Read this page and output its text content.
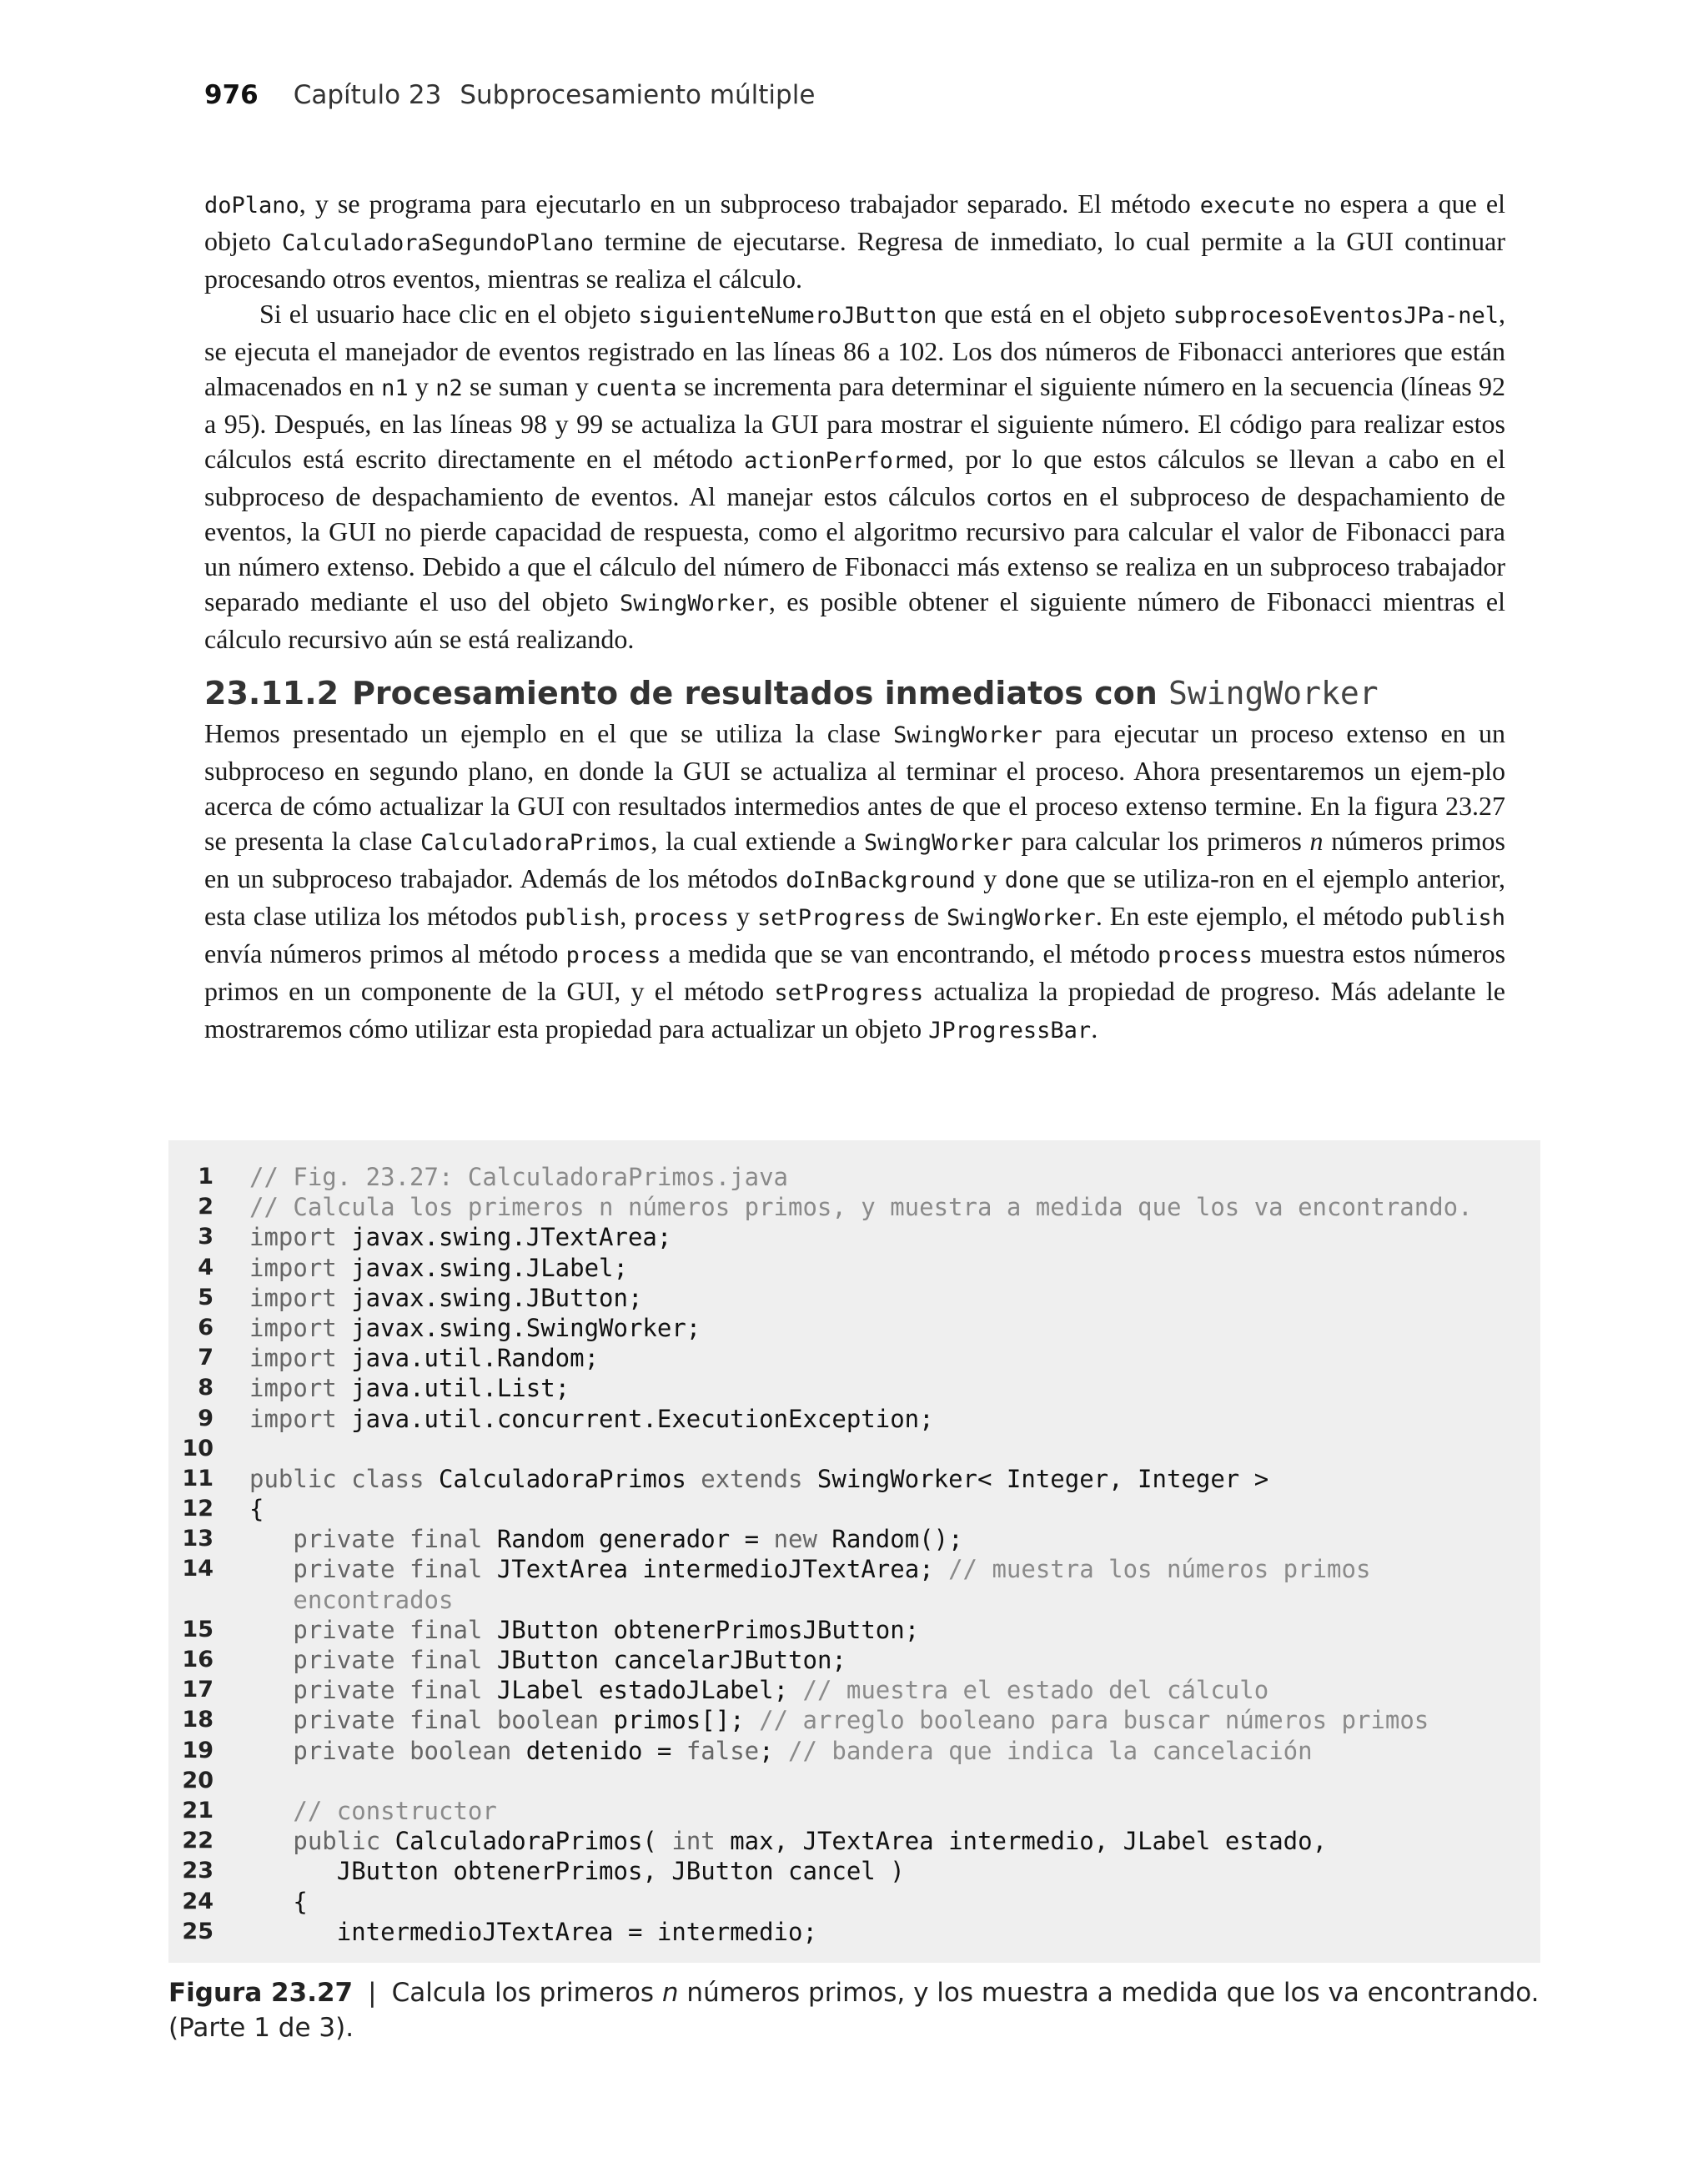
976 Capítulo 23 Subprocesamiento múltiple

doPlano, y se programa para ejecutarlo en un subproceso trabajador separado. El método execute no espera a que el objeto CalculadoraSegundoPlano termine de ejecutarse. Regresa de inmediato, lo cual permite a la GUI continuar procesando otros eventos, mientras se realiza el cálculo.

Si el usuario hace clic en el objeto siguienteNumeroJButton que está en el objeto subprocesoEventosJPa-nel, se ejecuta el manejador de eventos registrado en las líneas 86 a 102. Los dos números de Fibonacci anteriores que están almacenados en n1 y n2 se suman y cuenta se incrementa para determinar el siguiente número en la secuencia (líneas 92 a 95). Después, en las líneas 98 y 99 se actualiza la GUI para mostrar el siguiente número. El código para realizar estos cálculos está escrito directamente en el método actionPerformed, por lo que estos cálculos se llevan a cabo en el subproceso de despachamiento de eventos. Al manejar estos cálculos cortos en el subproceso de despachamiento de eventos, la GUI no pierde capacidad de respuesta, como el algoritmo recursivo para calcular el valor de Fibonacci para un número extenso. Debido a que el cálculo del número de Fibonacci más extenso se realiza en un subproceso trabajador separado mediante el uso del objeto SwingWorker, es posible obtener el siguiente número de Fibonacci mientras el cálculo recursivo aún se está realizando.

23.11.2 Procesamiento de resultados inmediatos con SwingWorker

Hemos presentado un ejemplo en el que se utiliza la clase SwingWorker para ejecutar un proceso extenso en un subproceso en segundo plano, en donde la GUI se actualiza al terminar el proceso. Ahora presentaremos un ejem-plo acerca de cómo actualizar la GUI con resultados intermedios antes de que el proceso extenso termine. En la figura 23.27 se presenta la clase CalculadoraPrimos, la cual extiende a SwingWorker para calcular los primeros n números primos en un subproceso trabajador. Además de los métodos doInBackground y done que se utiliza-ron en el ejemplo anterior, esta clase utiliza los métodos publish, process y setProgress de SwingWorker. En este ejemplo, el método publish envía números primos al método process a medida que se van encontrando, el método process muestra estos números primos en un componente de la GUI, y el método setProgress actualiza la propiedad de progreso. Más adelante le mostraremos cómo utilizar esta propiedad para actualizar un objeto JProgressBar.

1 // Fig. 23.27: CalculadoraPrimos.java
2 // Calcula los primeros n números primos, y muestra a medida que los va encontrando.
3 import javax.swing.JTextArea;
4 import javax.swing.JLabel;
5 import javax.swing.JButton;
6 import javax.swing.SwingWorker;
7 import java.util.Random;
8 import java.util.List;
9 import java.util.concurrent.ExecutionException;
10
11 public class CalculadoraPrimos extends SwingWorker< Integer, Integer >
12 {
13	private final Random generador = new Random();
14	private final JTextArea intermedioJTextArea; // muestra los números primos
encontrados
15	private final JButton obtenerPrimosJButton;
16	private final JButton cancelarJButton;
17	private final JLabel estadoJLabel; // muestra el estado del cálculo
18	private final boolean primos[]; // arreglo booleano para buscar números primos
19	private boolean detenido = false; // bandera que indica la cancelación
20
21	// constructor
22	public CalculadoraPrimos( int max, JTextArea intermedio, JLabel estado,
23 JButton obtenerPrimos, JButton cancel )
24 {
25 intermedioJTextArea = intermedio;
Figura 23.27 | Calcula los primeros n números primos, y los muestra a medida que los va encontrando.
(Parte 1 de 3).
